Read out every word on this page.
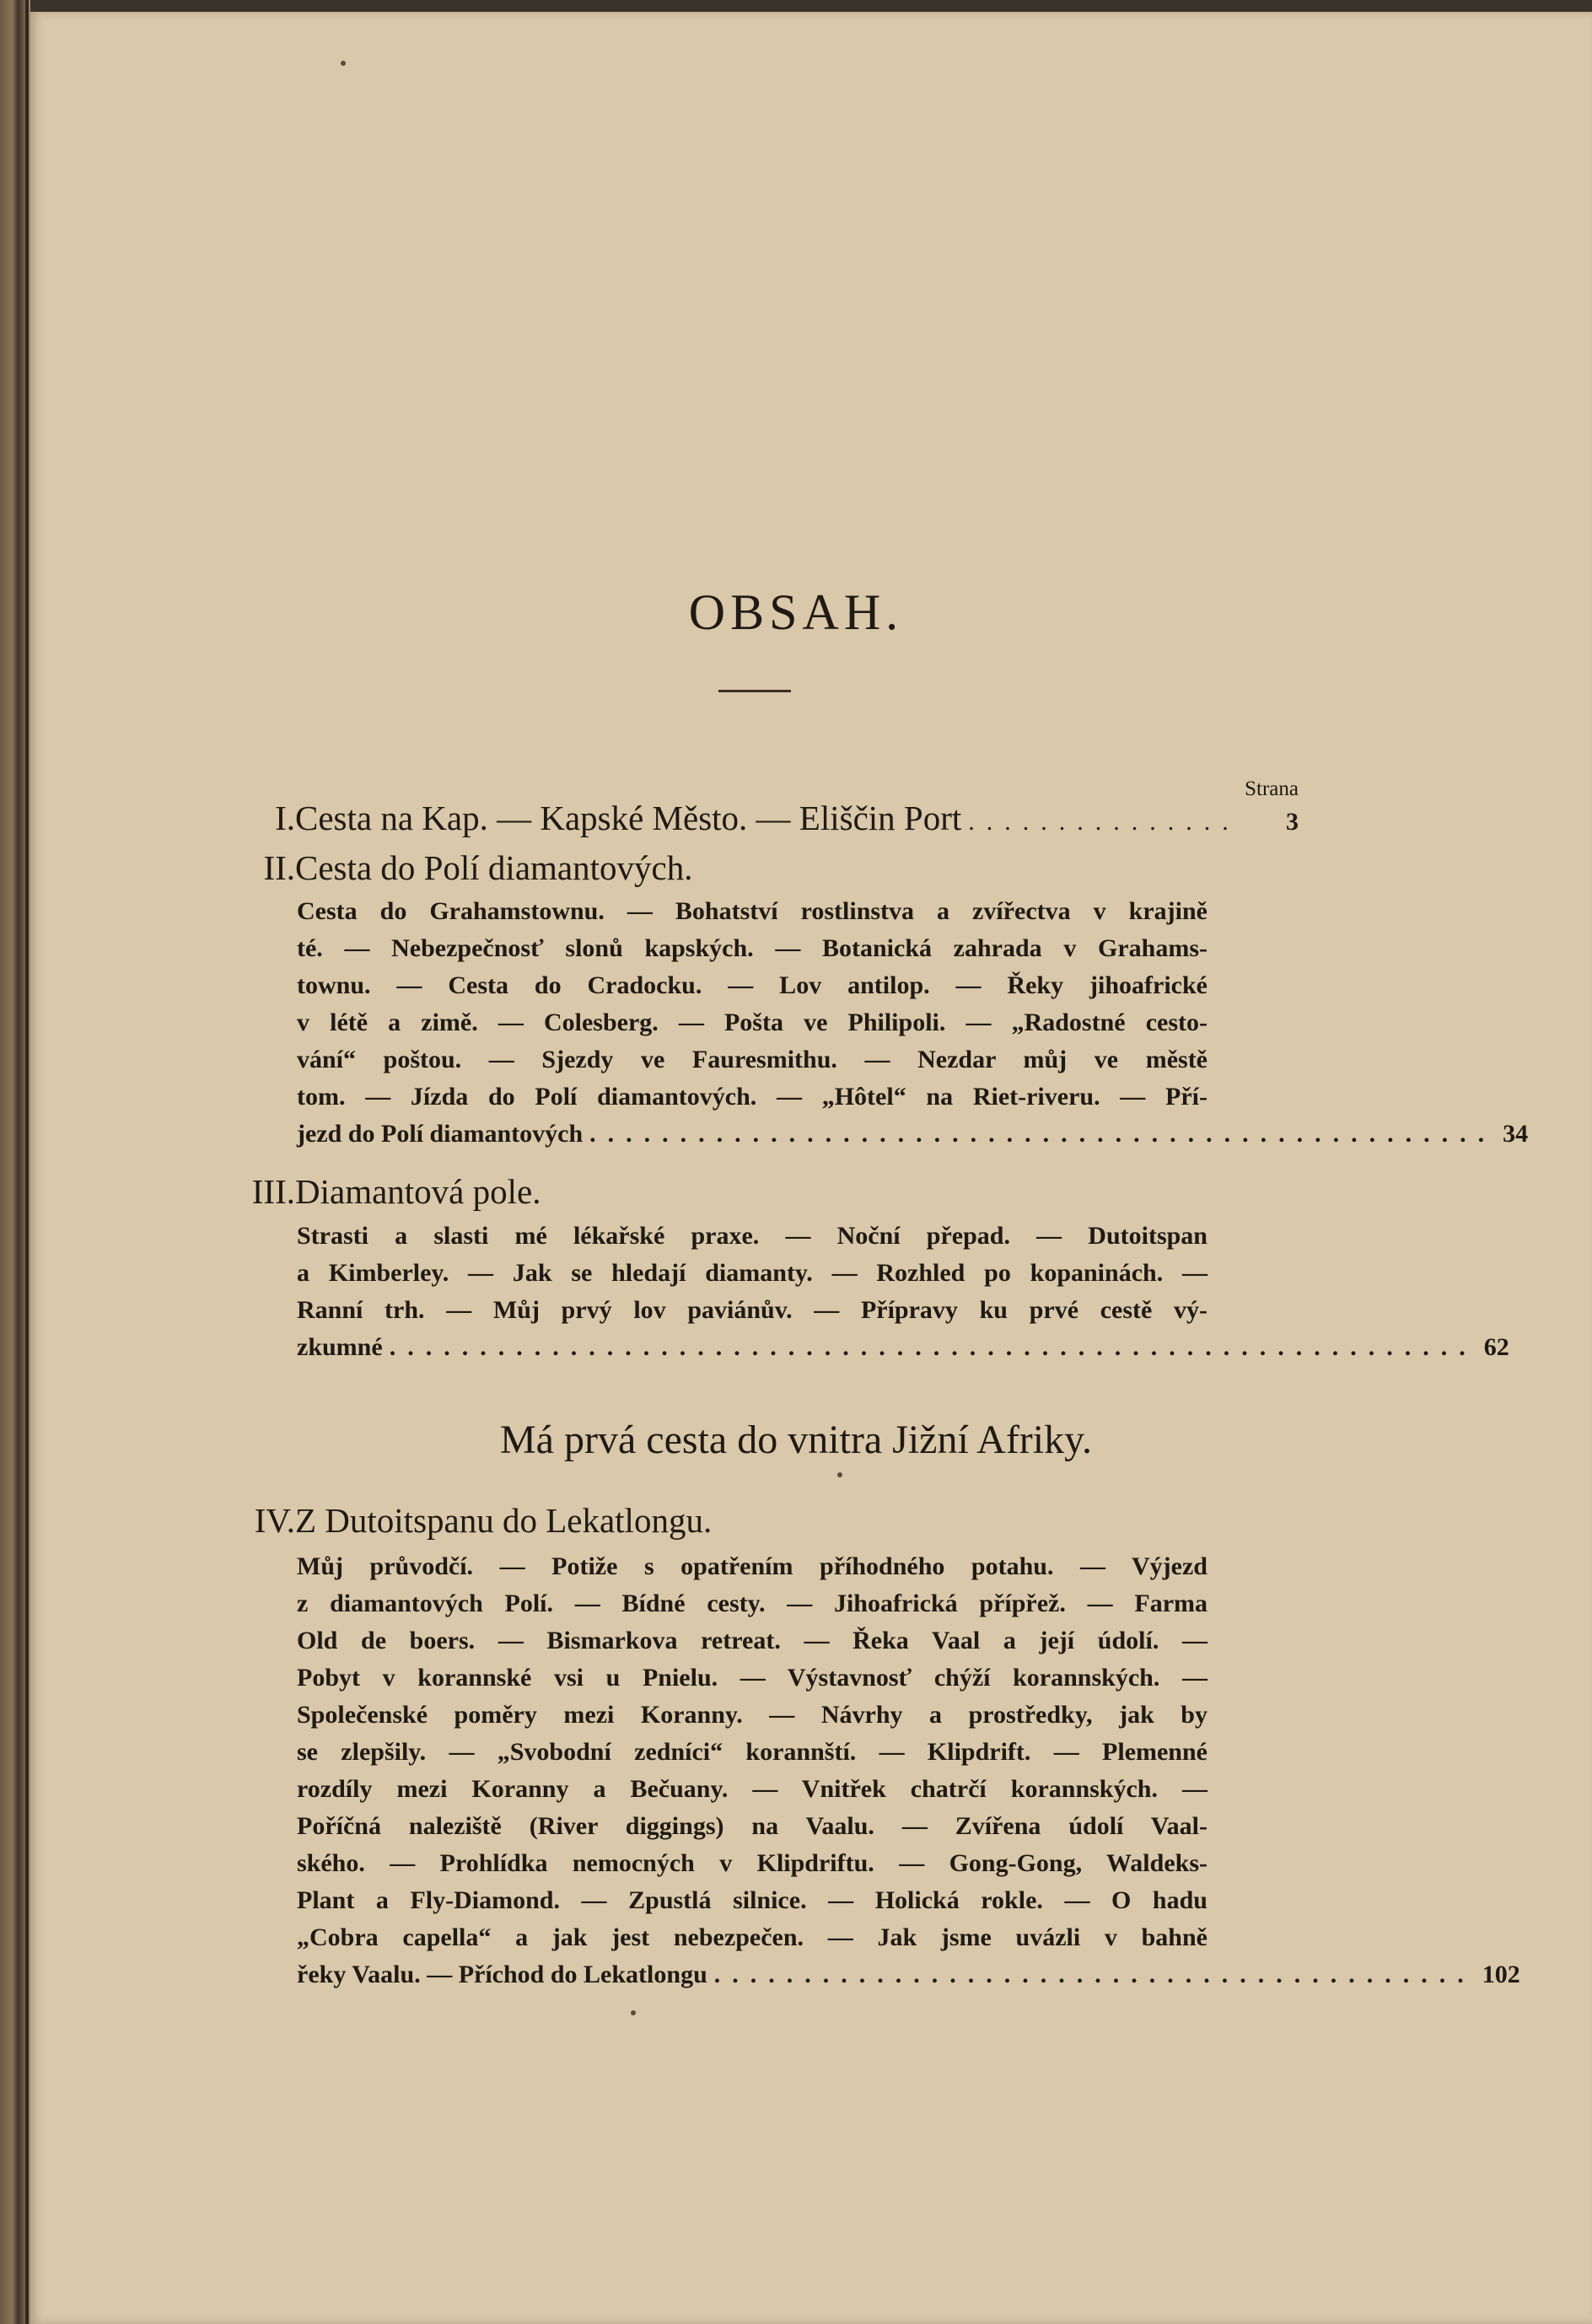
OBSAH.
Strana
I. Cesta na Kap. — Kapské Město. — Eliščin Port ...............	3
II. Cesta do Polí diamantových.
Cesta do Grahamstownu. — Bohatství rostlinstva a zvířectva v krajině
té. — Nebezpečnosť slonů kapských. — Botanická zahrada v Grahams-
townu. — Cesta do Cradocku. — Lov antilop. — Řeky jihoafrické
v létě a zimě. — Colesberg. — Pošta ve Philipoli. — „Radostné cesto-
vání“ poštou. — Sjezdy ve Fauresmithu. — Nezdar můj ve městě
tom. — Jízda do Polí diamantových. — „Hôtel“ na Riet-riveru. — Pří-
jezd do Polí diamantových .................................................. 34
III. Diamantová pole.
Strasti a slasti mé lékařské praxe. — Noční přepad. — Dutoitspan
a Kimberley. — Jak se hledají diamanty. — Rozhled po kopaninách. —
Ranní trh. — Můj prvý lov paviánův. — Přípravy ku prvé cestě vý-
zkumné ............................................................ 62
Má prvá cesta do vnitra Jižní Afriky.
IV. Z Dutoitspanu do Lekatlongu.
Můj průvodčí. — Potiže s opatřením příhodného potahu. — Výjezd
z diamantových Polí. — Bídné cesty. — Jihoafrická přípřež. — Farma
Old de boers. — Bismarkova retreat. — Řeka Vaal a její údolí. —
Pobyt v korannské vsi u Pnielu. — Výstavnosť chýží korannských. —
Společenské poměry mezi Koranny. — Návrhy a prostředky, jak by
se zlepšily. — „Svobodní zedníci“ korannští. — Klipdrift. — Plemenné
rozdíly mezi Koranny a Bečuany. — Vnitřek chatrčí korannských. —
Poříčná naleziště (River diggings) na Vaalu. — Zvířena údolí Vaal-
ského. — Prohlídka nemocných v Klipdriftu. — Gong-Gong, Waldeks-
Plant a Fly-Diamond. — Zpustlá silnice. — Holická rokle. — O hadu
„Cobra capella“ a jak jest nebezpečen. — Jak jsme uvázli v bahně
řeky Vaalu. — Příchod do Lekatlongu .......................................... 102
